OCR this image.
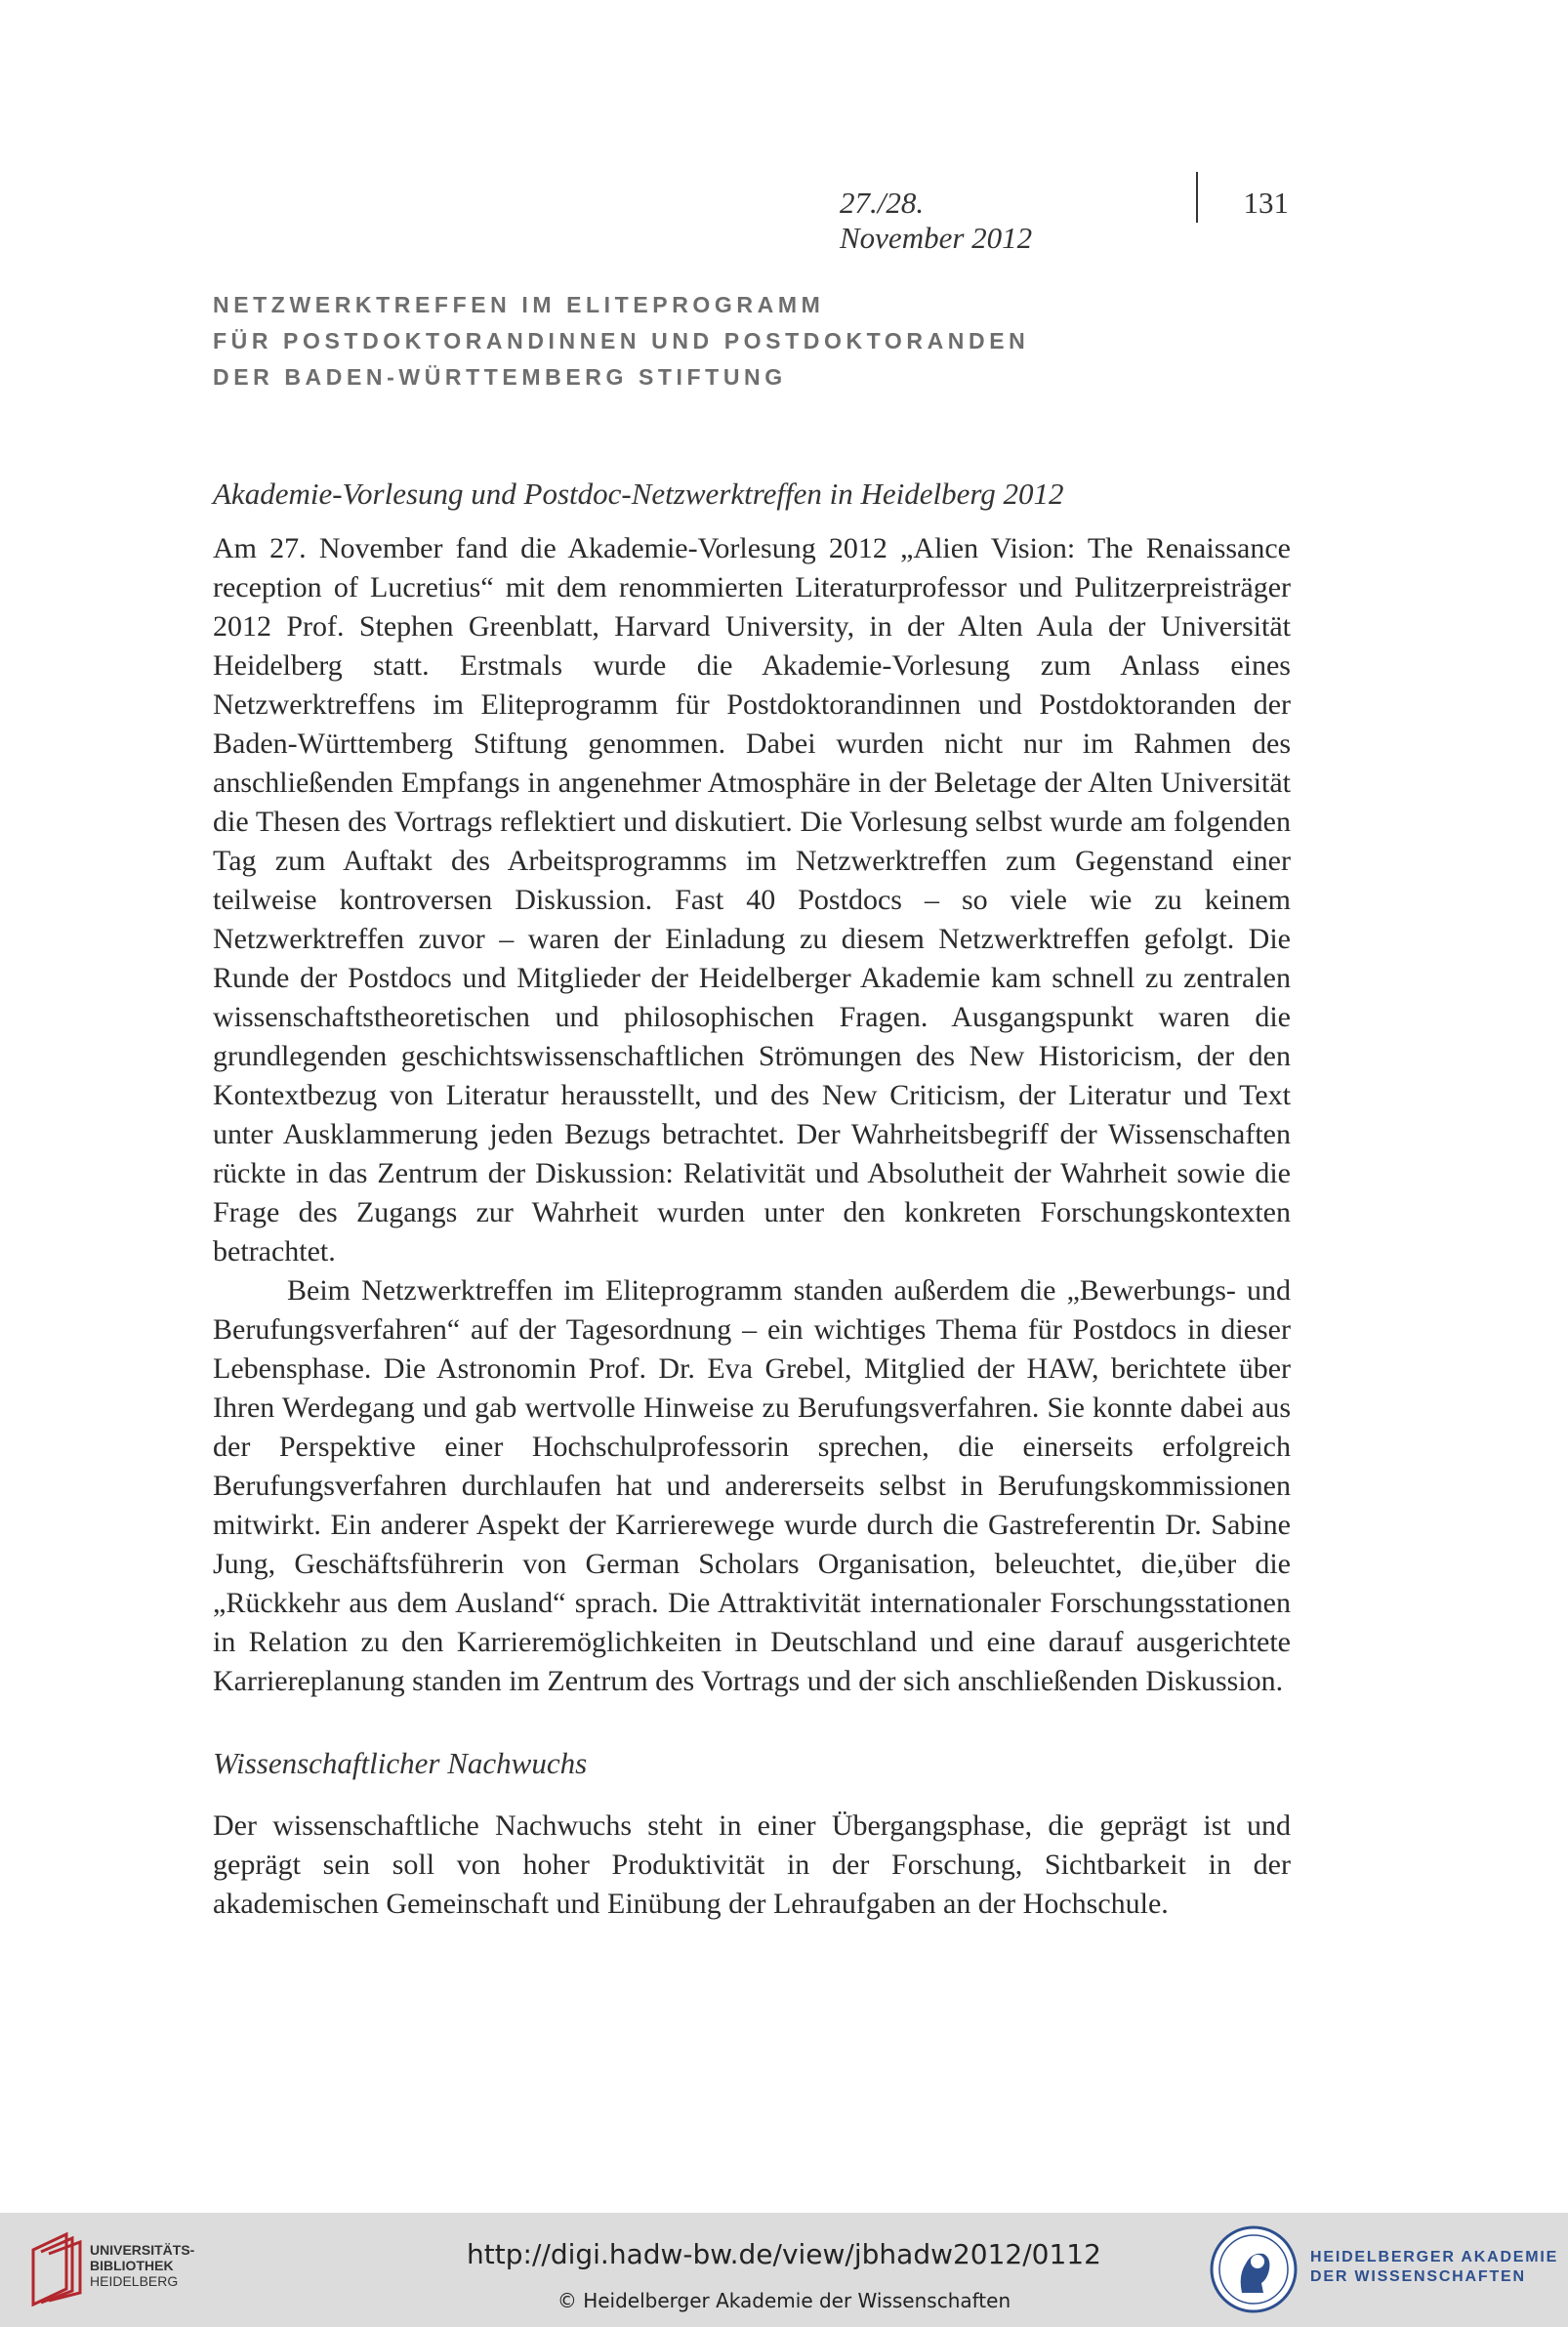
27./28. November 2012
131
NETZWERKTREFFEN IM ELITEPROGRAMM
FÜR POSTDOKTORANDINNEN UND POSTDOKTORANDEN
DER BADEN-WÜRTTEMBERG STIFTUNG

Akademie-Vorlesung und Postdoc-Netzwerktreffen in Heidelberg 2012

Am 27. November fand die Akademie-Vorlesung 2012 „Alien Vision: The Renaissance reception of Lucretius“ mit dem renommierten Literaturprofessor und Pulitzerpreisträger 2012 Prof. Stephen Greenblatt, Harvard University, in der Alten Aula der Universität Heidelberg statt. Erstmals wurde die Akademie-Vorlesung zum Anlass eines Netzwerktreffens im Eliteprogramm für Postdoktorandinnen und Postdoktoranden der Baden-Württemberg Stiftung genommen. Dabei wurden nicht nur im Rahmen des anschließenden Empfangs in angenehmer Atmosphäre in der Beletage der Alten Universität die Thesen des Vortrags reflektiert und diskutiert. Die Vorlesung selbst wurde am folgenden Tag zum Auftakt des Arbeitsprogramms im Netzwerktreffen zum Gegenstand einer teilweise kontroversen Diskussion. Fast 40 Postdocs – so viele wie zu keinem Netzwerktreffen zuvor – waren der Einladung zu diesem Netzwerktreffen gefolgt. Die Runde der Postdocs und Mitglieder der Heidelberger Akademie kam schnell zu zentralen wissenschaftstheoretischen und philosophischen Fragen. Ausgangspunkt waren die grundlegenden geschichtswissenschaftlichen Strömungen des New Historicism, der den Kontextbezug von Literatur herausstellt, und des New Criticism, der Literatur und Text unter Ausklammerung jeden Bezugs betrachtet. Der Wahrheitsbegriff der Wissenschaften rückte in das Zentrum der Diskussion: Relativität und Absolutheit der Wahrheit sowie die Frage des Zugangs zur Wahrheit wurden unter den konkreten Forschungskontexten betrachtet.

Beim Netzwerktreffen im Eliteprogramm standen außerdem die „Bewerbungs- und Berufungsverfahren“ auf der Tagesordnung – ein wichtiges Thema für Postdocs in dieser Lebensphase. Die Astronomin Prof. Dr. Eva Grebel, Mitglied der HAW, berichtete über Ihren Werdegang und gab wertvolle Hinweise zu Berufungsverfahren. Sie konnte dabei aus der Perspektive einer Hochschulprofessorin sprechen, die einerseits erfolgreich Berufungsverfahren durchlaufen hat und andererseits selbst in Berufungskommissionen mitwirkt. Ein anderer Aspekt der Karrierewege wurde durch die Gastreferentin Dr. Sabine Jung, Geschäftsführerin von German Scholars Organisation, beleuchtet, die,über die „Rückkehr aus dem Ausland“ sprach. Die Attraktivität internationaler Forschungsstationen in Relation zu den Karrieremöglichkeiten in Deutschland und eine darauf ausgerichtete Karriereplanung standen im Zentrum des Vortrags und der sich anschließenden Diskussion.

Wissenschaftlicher Nachwuchs

Der wissenschaftliche Nachwuchs steht in einer Übergangsphase, die geprägt ist und geprägt sein soll von hoher Produktivität in der Forschung, Sichtbarkeit in der akademischen Gemeinschaft und Einübung der Lehraufgaben an der Hochschule.

UNIVERSITÄTS-
BIBLIOTHEK
HEIDELBERG
http://digi.hadw-bw.de/view/jbhadw2012/0112
© Heidelberger Akademie der Wissenschaften
HEIDELBERGER AKADEMIE
DER WISSENSCHAFTEN
